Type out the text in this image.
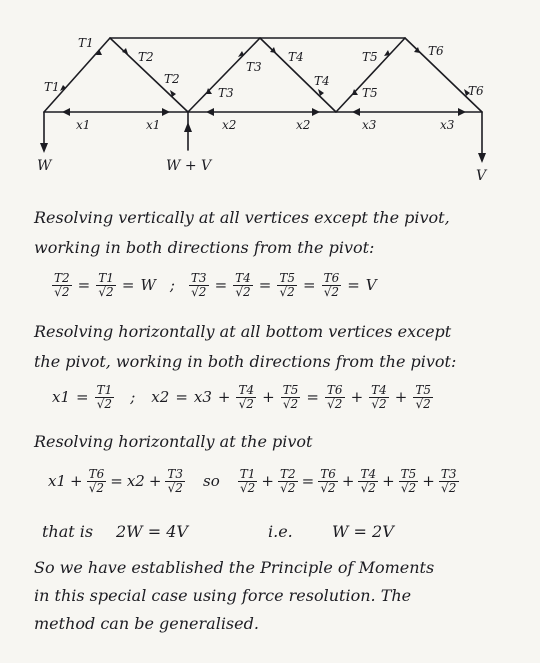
T1
T2
T1
T2
T3
T3
T4
T4
T5
T5
T6
T6
x1	x1	x2	x2	x3	x3
W	W + V
V
Resolving vertically at all vertices except the pivot,
working in both directions from the pivot:
$\frac{T2}{√2} = \frac{T1}{√2} = W$ ; $\frac{T3}{√2} = \frac{T4}{√2} = \frac{T5}{√2} = \frac{T6}{√2} = V$
Resolving horizontally at all bottom vertices except
the pivot, working in both directions from the pivot:
$x1 = \frac{T1}{√2}$ ; $x2 = x3 + \frac{T4}{√2} + \frac{T5}{√2} = \frac{T6}{√2} + \frac{T4}{√2} + \frac{T5}{√2}$
Resolving horizontally at the pivot
$x1 + \frac{T6}{√2} = x2 + \frac{T3}{√2}$ so $\frac{T1}{√2} + \frac{T2}{√2} = \frac{T6}{√2} + \frac{T4}{√2} + \frac{T5}{√2} + \frac{T3}{√2}$
that is	2W = 4V	i.e.	W = 2V
So we have established the Principle of Moments
in this special case using force resolution. The
method can be generalised.
